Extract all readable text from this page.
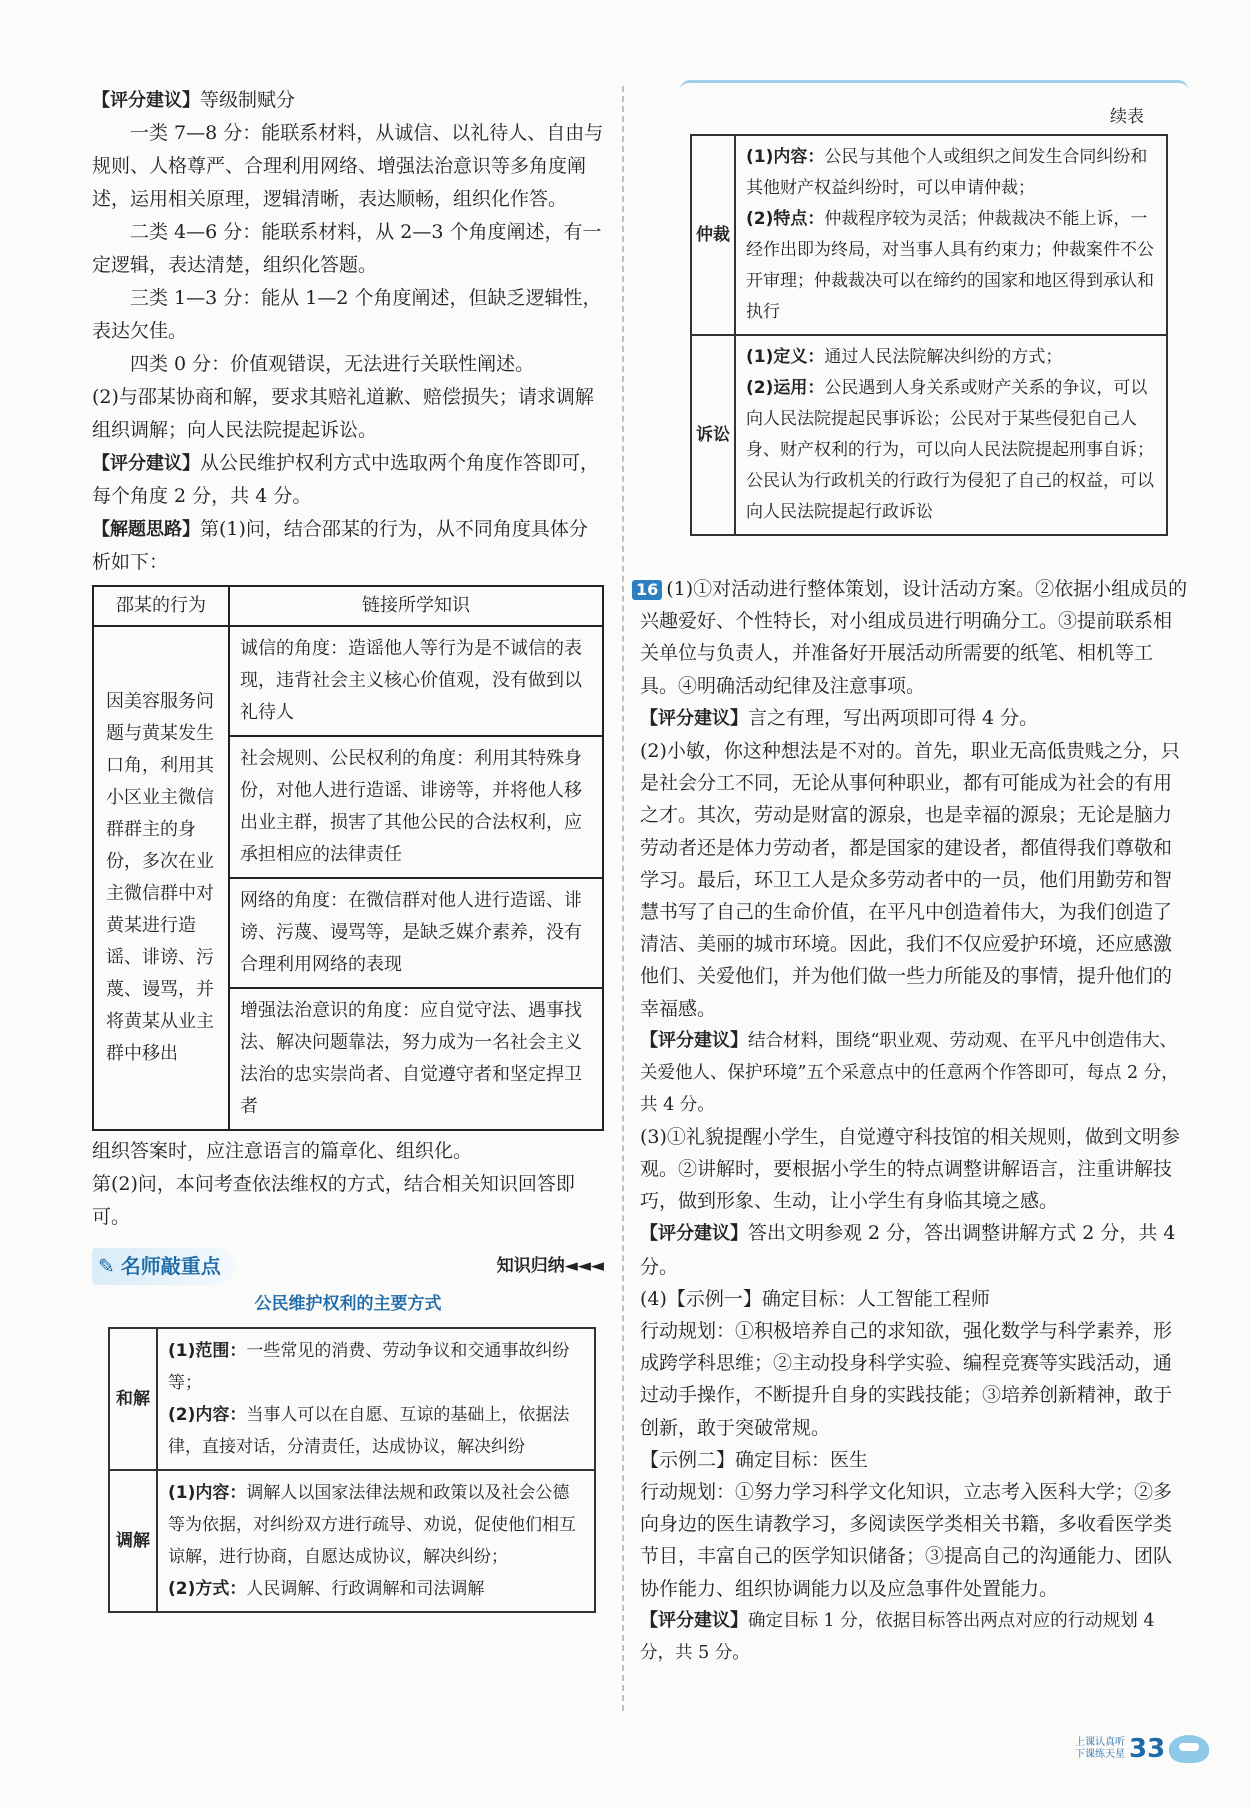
【评分建议】等级制赋分

一类 7—8 分：能联系材料，从诚信、以礼待人、自由与规则、人格尊严、合理利用网络、增强法治意识等多角度阐述，运用相关原理，逻辑清晰，表达顺畅，组织化作答。

二类 4—6 分：能联系材料，从 2—3 个角度阐述，有一定逻辑，表达清楚，组织化答题。

三类 1—3 分：能从 1—2 个角度阐述，但缺乏逻辑性，表达欠佳。

四类 0 分：价值观错误，无法进行关联性阐述。

(2)与邵某协商和解，要求其赔礼道歉、赔偿损失；请求调解组织调解；向人民法院提起诉讼。

【评分建议】从公民维护权利方式中选取两个角度作答即可，每个角度 2 分，共 4 分。

【解题思路】第(1)问，结合邵某的行为，从不同角度具体分析如下：

邵某的行为	链接所学知识
因美容服务问题与黄某发生口角，利用其小区业主微信群群主的身份，多次在业主微信群中对黄某进行造谣、诽谤、污蔑、谩骂，并将黄某从业主群中移出	诚信的角度：造谣他人等行为是不诚信的表现，违背社会主义核心价值观，没有做到以礼待人
	社会规则、公民权利的角度：利用其特殊身份，对他人进行造谣、诽谤等，并将他人移出业主群，损害了其他公民的合法权利，应承担相应的法律责任
	网络的角度：在微信群对他人进行造谣、诽谤、污蔑、谩骂等，是缺乏媒介素养，没有合理利用网络的表现
	增强法治意识的角度：应自觉守法、遇事找法、解决问题靠法，努力成为一名社会主义法治的忠实崇尚者、自觉遵守者和坚定捍卫者

组织答案时，应注意语言的篇章化、组织化。

第(2)问，本问考查依法维权的方式，结合相关知识回答即可。

✎ 名师敲重点	知识归纳◄◄◄
公民维护权利的主要方式
和解	(1)范围：一些常见的消费、劳动争议和交通事故纠纷等；
(2)内容：当事人可以在自愿、互谅的基础上，依据法律，直接对话，分清责任，达成协议，解决纠纷

调解	(1)内容：调解人以国家法律法规和政策以及社会公德等为依据，对纠纷双方进行疏导、劝说，促使他们相互谅解，进行协商，自愿达成协议，解决纠纷；
(2)方式：人民调解、行政调解和司法调解
续表
仲裁	(1)内容：公民与其他个人或组织之间发生合同纠纷和其他财产权益纠纷时，可以申请仲裁；
(2)特点：仲裁程序较为灵活；仲裁裁决不能上诉，一经作出即为终局，对当事人具有约束力；仲裁案件不公开审理；仲裁裁决可以在缔约的国家和地区得到承认和执行

诉讼	(1)定义：通过人民法院解决纠纷的方式；
(2)运用：公民遇到人身关系或财产关系的争议，可以向人民法院提起民事诉讼；公民对于某些侵犯自己人身、财产权利的行为，可以向人民法院提起刑事自诉；公民认为行政机关的行政行为侵犯了自己的权益，可以向人民法院提起行政诉讼

16 (1)①对活动进行整体策划，设计活动方案。②依据小组成员的兴趣爱好、个性特长，对小组成员进行明确分工。③提前联系相关单位与负责人，并准备好开展活动所需要的纸笔、相机等工具。④明确活动纪律及注意事项。

【评分建议】言之有理，写出两项即可得 4 分。

(2)小敏，你这种想法是不对的。首先，职业无高低贵贱之分，只是社会分工不同，无论从事何种职业，都有可能成为社会的有用之才。其次，劳动是财富的源泉，也是幸福的源泉；无论是脑力劳动者还是体力劳动者，都是国家的建设者，都值得我们尊敬和学习。最后，环卫工人是众多劳动者中的一员，他们用勤劳和智慧书写了自己的生命价值，在平凡中创造着伟大，为我们创造了清洁、美丽的城市环境。因此，我们不仅应爱护环境，还应感激他们、关爱他们，并为他们做一些力所能及的事情，提升他们的幸福感。

【评分建议】结合材料，围绕“职业观、劳动观、在平凡中创造伟大、关爱他人、保护环境”五个采意点中的任意两个作答即可，每点 2 分，共 4 分。

(3)①礼貌提醒小学生，自觉遵守科技馆的相关规则，做到文明参观。②讲解时，要根据小学生的特点调整讲解语言，注重讲解技巧，做到形象、生动，让小学生有身临其境之感。

【评分建议】答出文明参观 2 分，答出调整讲解方式 2 分，共 4 分。

(4)【示例一】确定目标：人工智能工程师

行动规划：①积极培养自己的求知欲，强化数学与科学素养，形成跨学科思维；②主动投身科学实验、编程竞赛等实践活动，通过动手操作，不断提升自身的实践技能；③培养创新精神，敢于创新，敢于突破常规。

【示例二】确定目标：医生

行动规划：①努力学习科学文化知识，立志考入医科大学；②多向身边的医生请教学习，多阅读医学类相关书籍，多收看医学类节目，丰富自己的医学知识储备；③提高自己的沟通能力、团队协作能力、组织协调能力以及应急事件处置能力。

【评分建议】确定目标 1 分，依据目标答出两点对应的行动规划 4 分，共 5 分。

上课认真听
下课练天星 33
